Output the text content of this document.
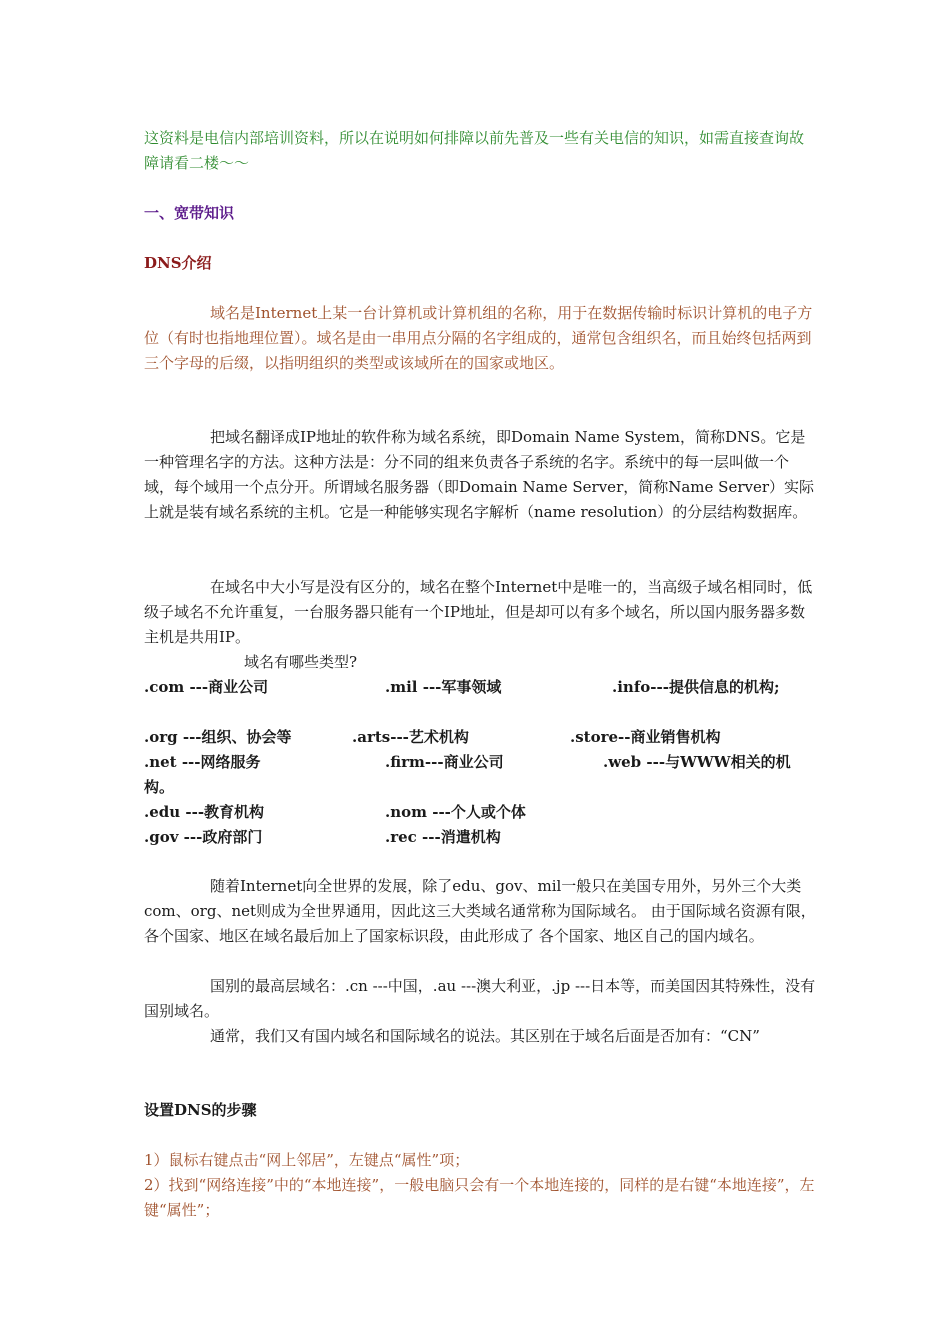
这资料是电信内部培训资料，所以在说明如何排障以前先普及一些有关电信的知识，如需直接查询故障请看二楼～～

一、宽带知识

DNS介绍

域名是Internet上某一台计算机或计算机组的名称，用于在数据传输时标识计算机的电子方位（有时也指地理位置）。域名是由一串用点分隔的名字组成的，通常包含组织名，而且始终包括两到三个字母的后缀，以指明组织的类型或该域所在的国家或地区。

把域名翻译成IP地址的软件称为域名系统，即Domain Name System，简称DNS。它是一种管理名字的方法。这种方法是：分不同的组来负责各子系统的名字。系统中的每一层叫做一个域，每个域用一个点分开。所谓域名服务器（即Domain Name Server，简称Name Server）实际上就是装有域名系统的主机。它是一种能够实现名字解析（name resolution）的分层结构数据库。

在域名中大小写是没有区分的，域名在整个Internet中是唯一的，当高级子域名相同时，低级子域名不允许重复，一台服务器只能有一个IP地址，但是却可以有多个域名，所以国内服务器多数主机是共用IP。

域名有哪些类型?
.com ---商业公司	.mil ---军事领域	.info---提供信息的机构;
.org ---组织、协会等	.arts---艺术机构	.store--商业销售机构
.net ---网络服务	.firm---商业公司	.web ---与WWW相关的机
构。
.edu ---教育机构	.nom ---个人或个体
.gov ---政府部门	.rec ---消遣机构

随着Internet向全世界的发展，除了edu、gov、mil一般只在美国专用外，另外三个大类com、org、net则成为全世界通用，因此这三大类域名通常称为国际域名。 由于国际域名资源有限，各个国家、地区在域名最后加上了国家标识段，由此形成了 各个国家、地区自己的国内域名。

国别的最高层域名：.cn ---中国，.au ---澳大利亚，.jp ---日本等，而美国因其特殊性，没有国别域名。

通常，我们又有国内域名和国际域名的说法。其区别在于域名后面是否加有：“CN”

设置DNS的步骤

1）鼠标右键点击“网上邻居”，左键点“属性”项；

2）找到“网络连接”中的“本地连接”，一般电脑只会有一个本地连接的，同样的是右键“本地连接”，左键“属性”；
